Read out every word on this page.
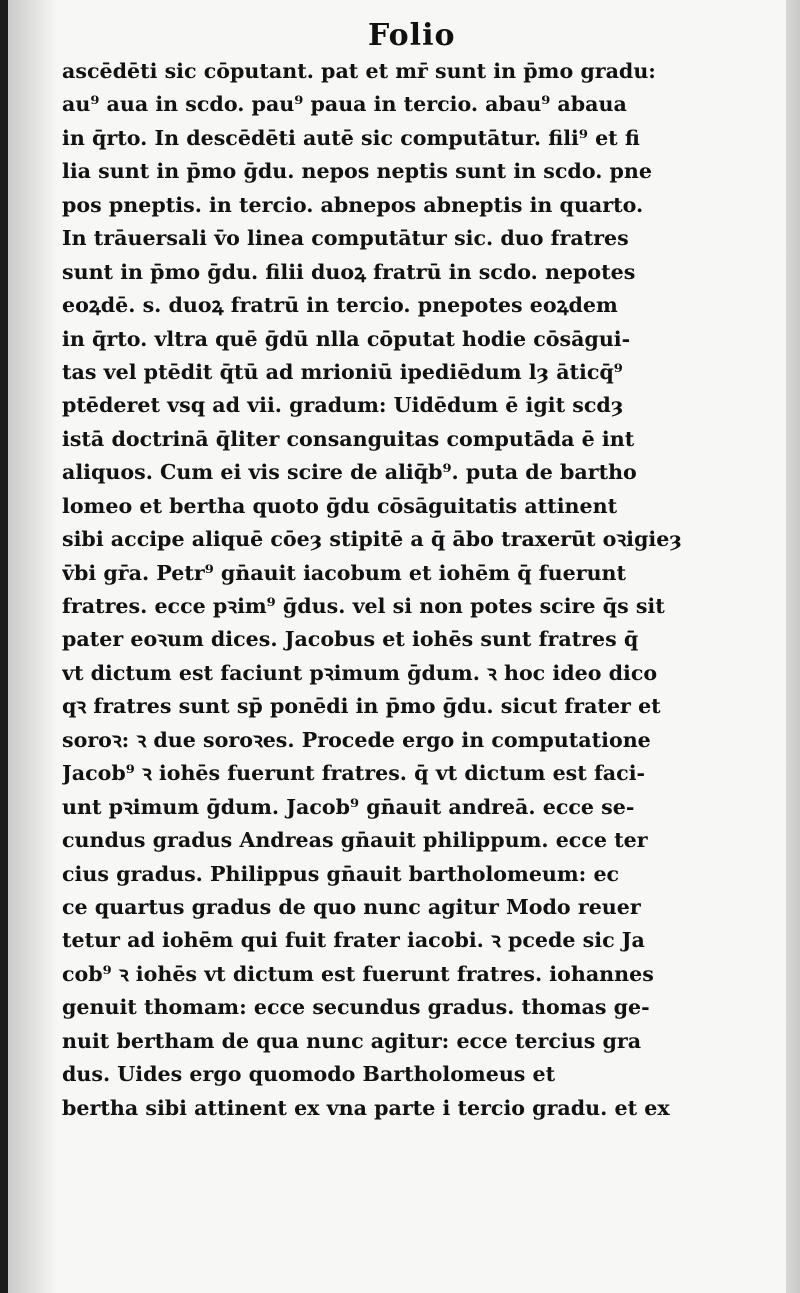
Folio
ascēdēti sic cōputant. pat et mr̄ sunt in p̄mo gradu:
au⁹ aua in scdo. pau⁹ paua in tercio. abau⁹ abaua
in q̄rto. In descēdēti autē sic computātur. fili⁹ et fi
lia sunt in p̄mo ḡdu. nepos neptis sunt in scdo. pne
pos pneptis. in tercio. abnepos abneptis in quarto.
In trāuersali v̄o linea computātur sic. duo fratres
sunt in p̄mo ḡdu. filii duoꝝ fratrū in scdo. nepotes
eoꝝdē. s. duoꝝ fratrū in tercio. pnepotes eoꝝdem
in q̄rto. vltra quē ḡdū nlla cōputat hodie cōsāgui-
tas vel ptēdit q̄tū ad mrioniū ipediēdum lȝ āticq̄⁹
ptēderet vsq ad vii. gradum: Uidēdum ē igit scdȝ
istā doctrinā q̄liter consanguitas computāda ē int
aliquos. Cum ei vis scire de aliq̄b⁹. puta de bartho
lomeo et bertha quoto ḡdu cōsāguitatis attinent
sibi accipe aliquē cōeȝ stipitē a q̄ ābo traxerūt oꝛigieȝ
v̄bi gr̄a. Petr⁹ gn̄auit iacobum et iohēm q̄ fuerunt
fratres. ecce pꝛim⁹ ḡdus. vel si non potes scire q̄s sit
pater eoꝛum dices. Jacobus et iohēs sunt fratres q̄
vt dictum est faciunt pꝛimum ḡdum. ꝛ hoc ideo dico
qꝛ fratres sunt sp̄ ponēdi in p̄mo ḡdu. sicut frater et
soroꝛ: ꝛ due soroꝛes. Procede ergo in computatione
Jacob⁹ ꝛ iohēs fuerunt fratres. q̄ vt dictum est faci-
unt pꝛimum ḡdum. Jacob⁹ gn̄auit andreā. ecce se-
cundus gradus Andreas gn̄auit philippum. ecce ter
cius gradus. Philippus gn̄auit bartholomeum: ec
ce quartus gradus de quo nunc agitur Modo reuer
tetur ad iohēm qui fuit frater iacobi. ꝛ pcede sic Ja
cob⁹ ꝛ iohēs vt dictum est fuerunt fratres. iohannes
genuit thomam: ecce secundus gradus. thomas ge-
nuit bertham de qua nunc agitur: ecce tercius gra
dus. Uides ergo quomodo Bartholomeus et
bertha sibi attinent ex vna parte i tercio gradu. et ex
